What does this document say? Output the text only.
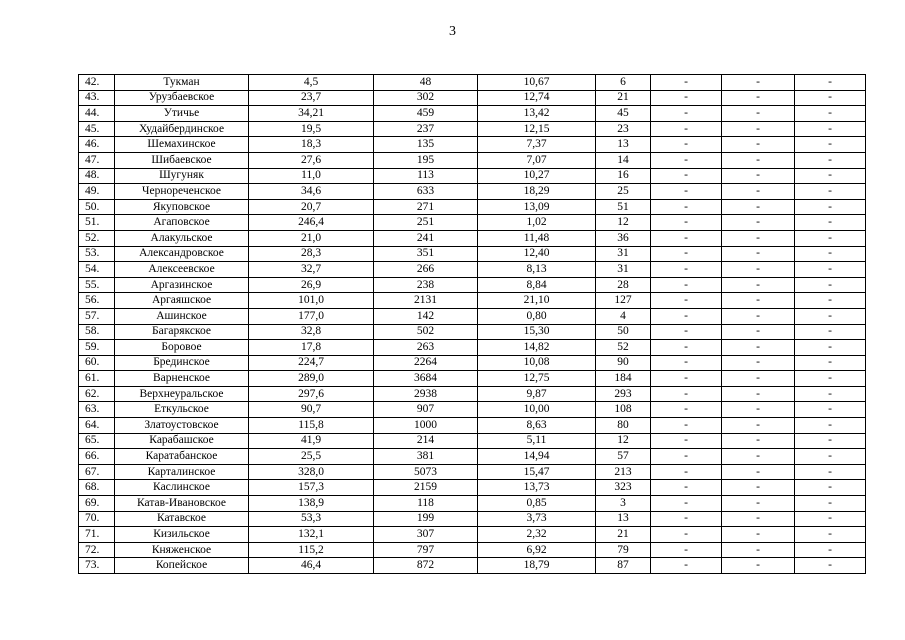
3
42.	Тукман	4,5	48	10,67	6	-	-	-
43.	Урузбаевское	23,7	302	12,74	21	-	-	-
44.	Утичье	34,21	459	13,42	45	-	-	-
45.	Худайбердинское	19,5	237	12,15	23	-	-	-
46.	Шемахинское	18,3	135	7,37	13	-	-	-
47.	Шибаевское	27,6	195	7,07	14	-	-	-
48.	Шугуняк	11,0	113	10,27	16	-	-	-
49.	Чернореченское	34,6	633	18,29	25	-	-	-
50.	Якуповское	20,7	271	13,09	51	-	-	-
51.	Агаповское	246,4	251	1,02	12	-	-	-
52.	Алакульское	21,0	241	11,48	36	-	-	-
53.	Александровское	28,3	351	12,40	31	-	-	-
54.	Алексеевское	32,7	266	8,13	31	-	-	-
55.	Аргазинское	26,9	238	8,84	28	-	-	-
56.	Аргаяшское	101,0	2131	21,10	127	-	-	-
57.	Ашинское	177,0	142	0,80	4	-	-	-
58.	Багарякское	32,8	502	15,30	50	-	-	-
59.	Боровое	17,8	263	14,82	52	-	-	-
60.	Брединское	224,7	2264	10,08	90	-	-	-
61.	Варненское	289,0	3684	12,75	184	-	-	-
62.	Верхнеуральское	297,6	2938	9,87	293	-	-	-
63.	Еткульское	90,7	907	10,00	108	-	-	-
64.	Златоустовское	115,8	1000	8,63	80	-	-	-
65.	Карабашское	41,9	214	5,11	12	-	-	-
66.	Каратабанское	25,5	381	14,94	57	-	-	-
67.	Карталинское	328,0	5073	15,47	213	-	-	-
68.	Каслинское	157,3	2159	13,73	323	-	-	-
69.	Катав-Ивановское	138,9	118	0,85	3	-	-	-
70.	Катавское	53,3	199	3,73	13	-	-	-
71.	Кизильское	132,1	307	2,32	21	-	-	-
72.	Княженское	115,2	797	6,92	79	-	-	-
73.	Копейское	46,4	872	18,79	87	-	-	-
